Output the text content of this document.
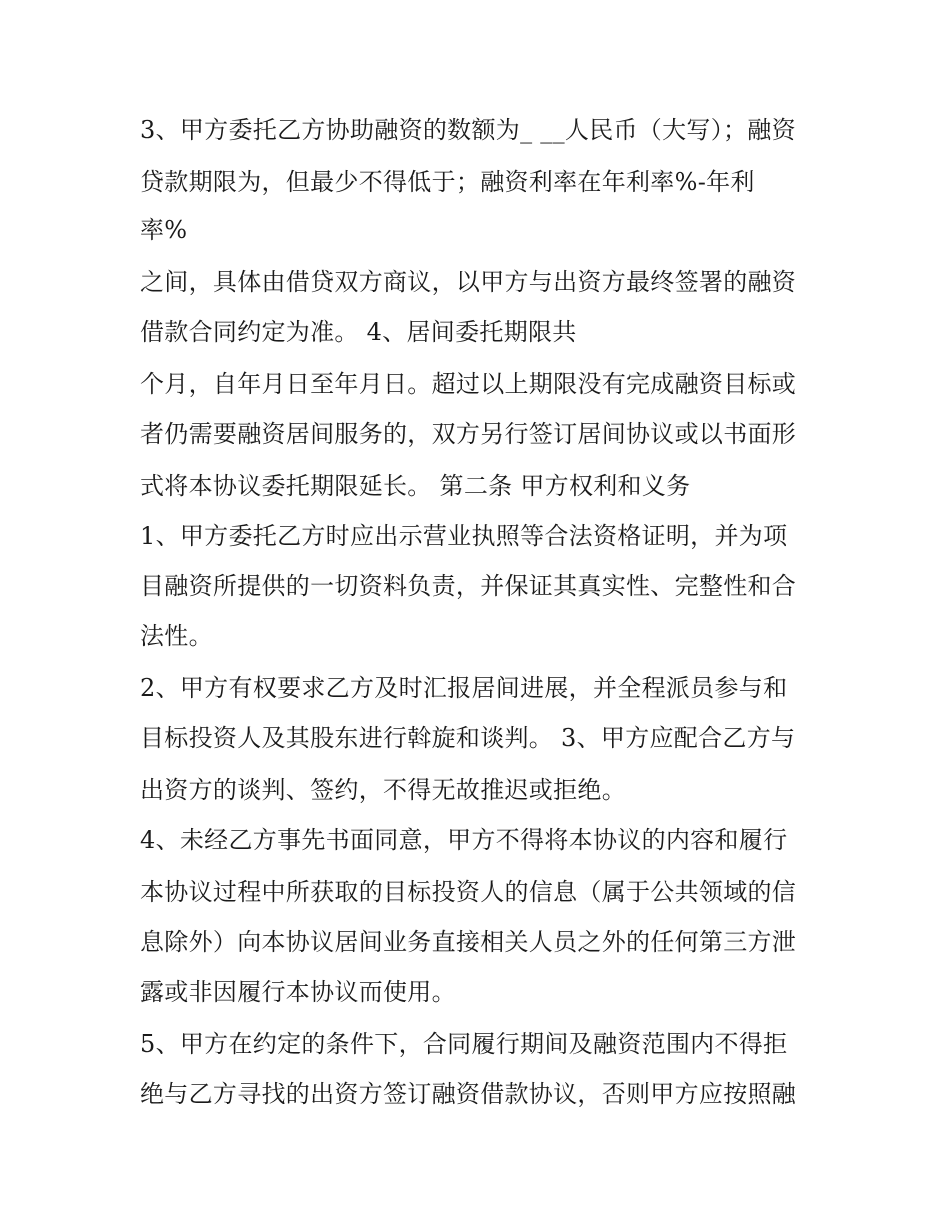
3、甲方委托乙方协助融资的数额为_ __人民币（大写）；融资
贷款期限为，但最少不得低于；融资利率在年利率%-年利
率%
之间，具体由借贷双方商议，以甲方与出资方最终签署的融资
借款合同约定为准。 4、居间委托期限共
个月，自年月日至年月日。超过以上期限没有完成融资目标或
者仍需要融资居间服务的，双方另行签订居间协议或以书面形
式将本协议委托期限延长。 第二条 甲方权利和义务
1、甲方委托乙方时应出示营业执照等合法资格证明，并为项
目融资所提供的一切资料负责，并保证其真实性、完整性和合
法性。
2、甲方有权要求乙方及时汇报居间进展，并全程派员参与和
目标投资人及其股东进行斡旋和谈判。 3、甲方应配合乙方与
出资方的谈判、签约，不得无故推迟或拒绝。
4、未经乙方事先书面同意，甲方不得将本协议的内容和履行
本协议过程中所获取的目标投资人的信息（属于公共领域的信
息除外）向本协议居间业务直接相关人员之外的任何第三方泄
露或非因履行本协议而使用。
5、甲方在约定的条件下，合同履行期间及融资范围内不得拒
绝与乙方寻找的出资方签订融资借款协议，否则甲方应按照融
